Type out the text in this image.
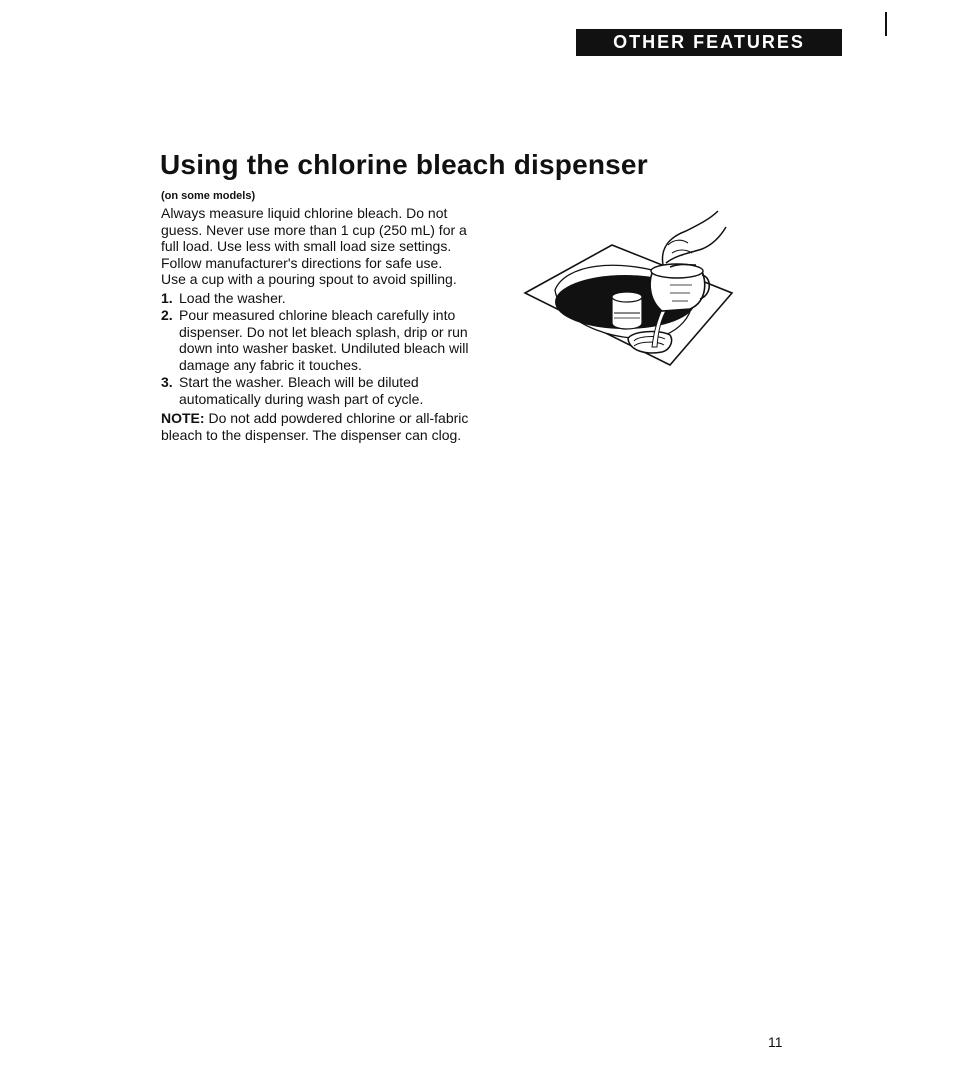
OTHER FEATURES
Using the chlorine bleach dispenser
(on some models)

Always measure liquid chlorine bleach. Do not guess. Never use more than 1 cup (250 mL) for a full load. Use less with small load size settings. Follow manufacturer's directions for safe use. Use a cup with a pouring spout to avoid spilling.

1. Load the washer.
2. Pour measured chlorine bleach carefully into dispenser. Do not let bleach splash, drip or run down into washer basket. Undiluted bleach will damage any fabric it touches.
3. Start the washer. Bleach will be diluted automatically during wash part of cycle.

NOTE: Do not add powdered chlorine or all-fabric bleach to the dispenser. The dispenser can clog.

11
